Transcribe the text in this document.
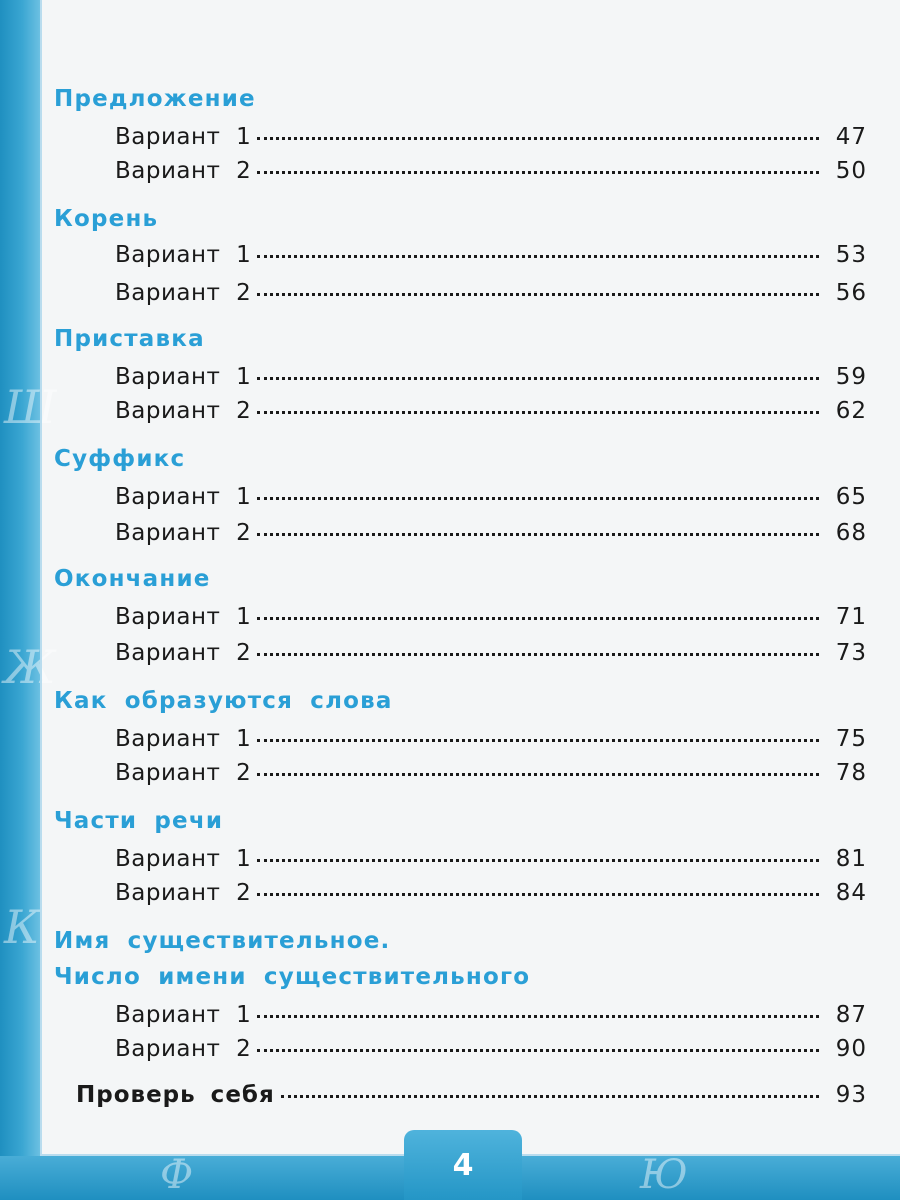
Ш
Ж
К
Ф	Ю
Предложение
Вариант  1	47
Вариант  2	50
Корень
Вариант  1	53
Вариант  2	56
Приставка
Вариант  1	59
Вариант  2	62
Суффикс
Вариант  1	65
Вариант  2	68
Окончание
Вариант  1	71
Вариант  2	73
Как образуются слова
Вариант  1	75
Вариант  2	78
Части речи
Вариант  1	81
Вариант  2	84
Имя существительное.
Число имени существительного
Вариант  1	87
Вариант  2	90
Проверь себя	93
4
